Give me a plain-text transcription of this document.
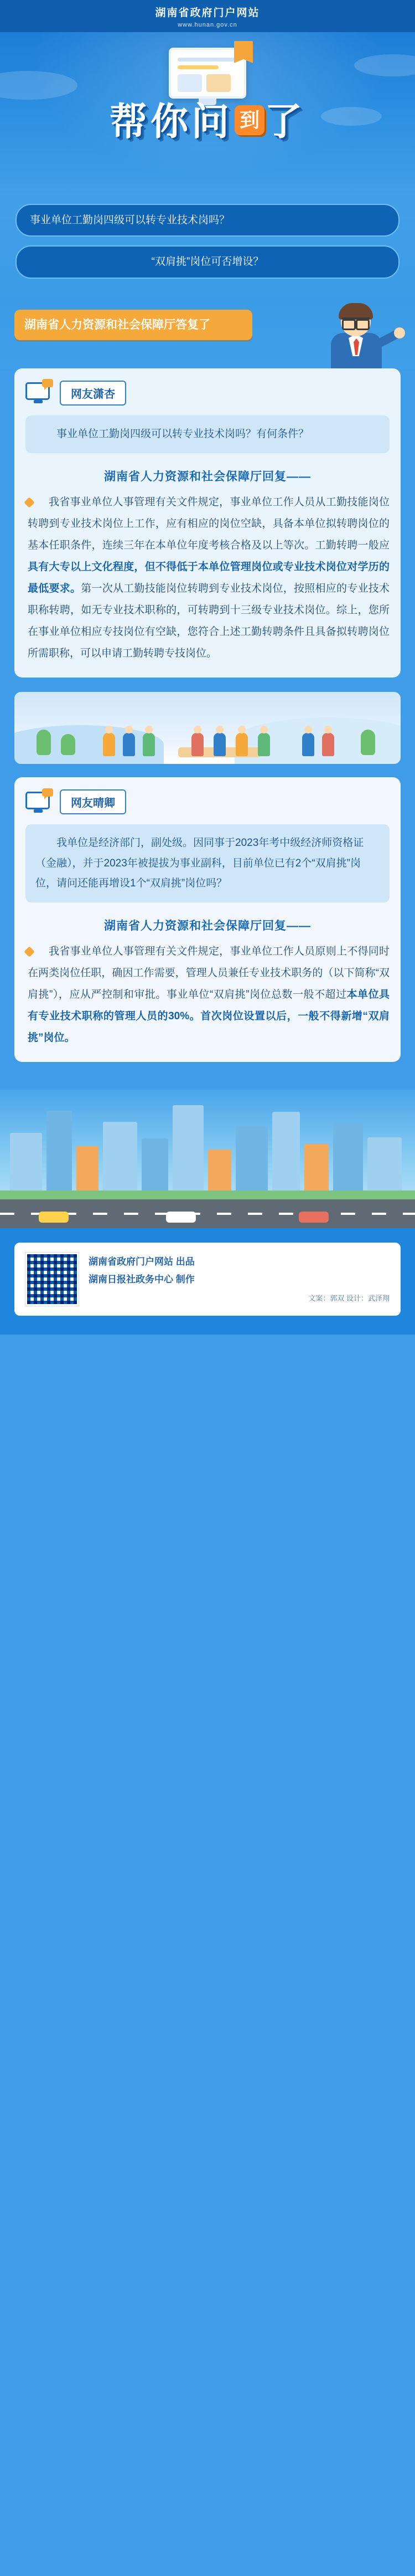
湖南省政府门户网站
www.hunan.gov.cn
帮你问 到 了
事业单位工勤岗四级可以转专业技术岗吗？
“双肩挑”岗位可否增设？
湖南省人力资源和社会保障厅答复了
网友潇杏
事业单位工勤岗四级可以转专业技术岗吗？有何条件？
湖南省人力资源和社会保障厅回复——
我省事业单位人事管理有关文件规定，事业单位工作人员从工勤技能岗位转聘到专业技术岗位上工作，应有相应的岗位空缺，具备本单位拟转聘岗位的基本任职条件，连续三年在本单位年度考核合格及以上等次。工勤转聘一般应具有大专以上文化程度，但不得低于本单位管理岗位或专业技术岗位对学历的最低要求。第一次从工勤技能岗位转聘到专业技术岗位，按照相应的专业技术职称转聘，如无专业技术职称的，可转聘到十三级专业技术岗位。综上，您所在事业单位相应专技岗位有空缺，您符合上述工勤转聘条件且具备拟转聘岗位所需职称，可以申请工勤转聘专技岗位。
网友晴卿
我单位是经济部门，副处级。因同事于2023年考中级经济师资格证（金融），并于2023年被提拔为事业副科，目前单位已有2个“双肩挑”岗位，请问还能再增设1个“双肩挑”岗位吗？
湖南省人力资源和社会保障厅回复——
我省事业单位人事管理有关文件规定，事业单位工作人员原则上不得同时在两类岗位任职，确因工作需要，管理人员兼任专业技术职务的（以下简称“双肩挑”），应从严控制和审批。事业单位“双肩挑”岗位总数一般不超过本单位具有专业技术职称的管理人员的30%。首次岗位设置以后，一般不得新增“双肩挑”岗位。
湖南省政府门户网站 出品
湖南日报社政务中心 制作
文案：郭双 设计：武泽翔
